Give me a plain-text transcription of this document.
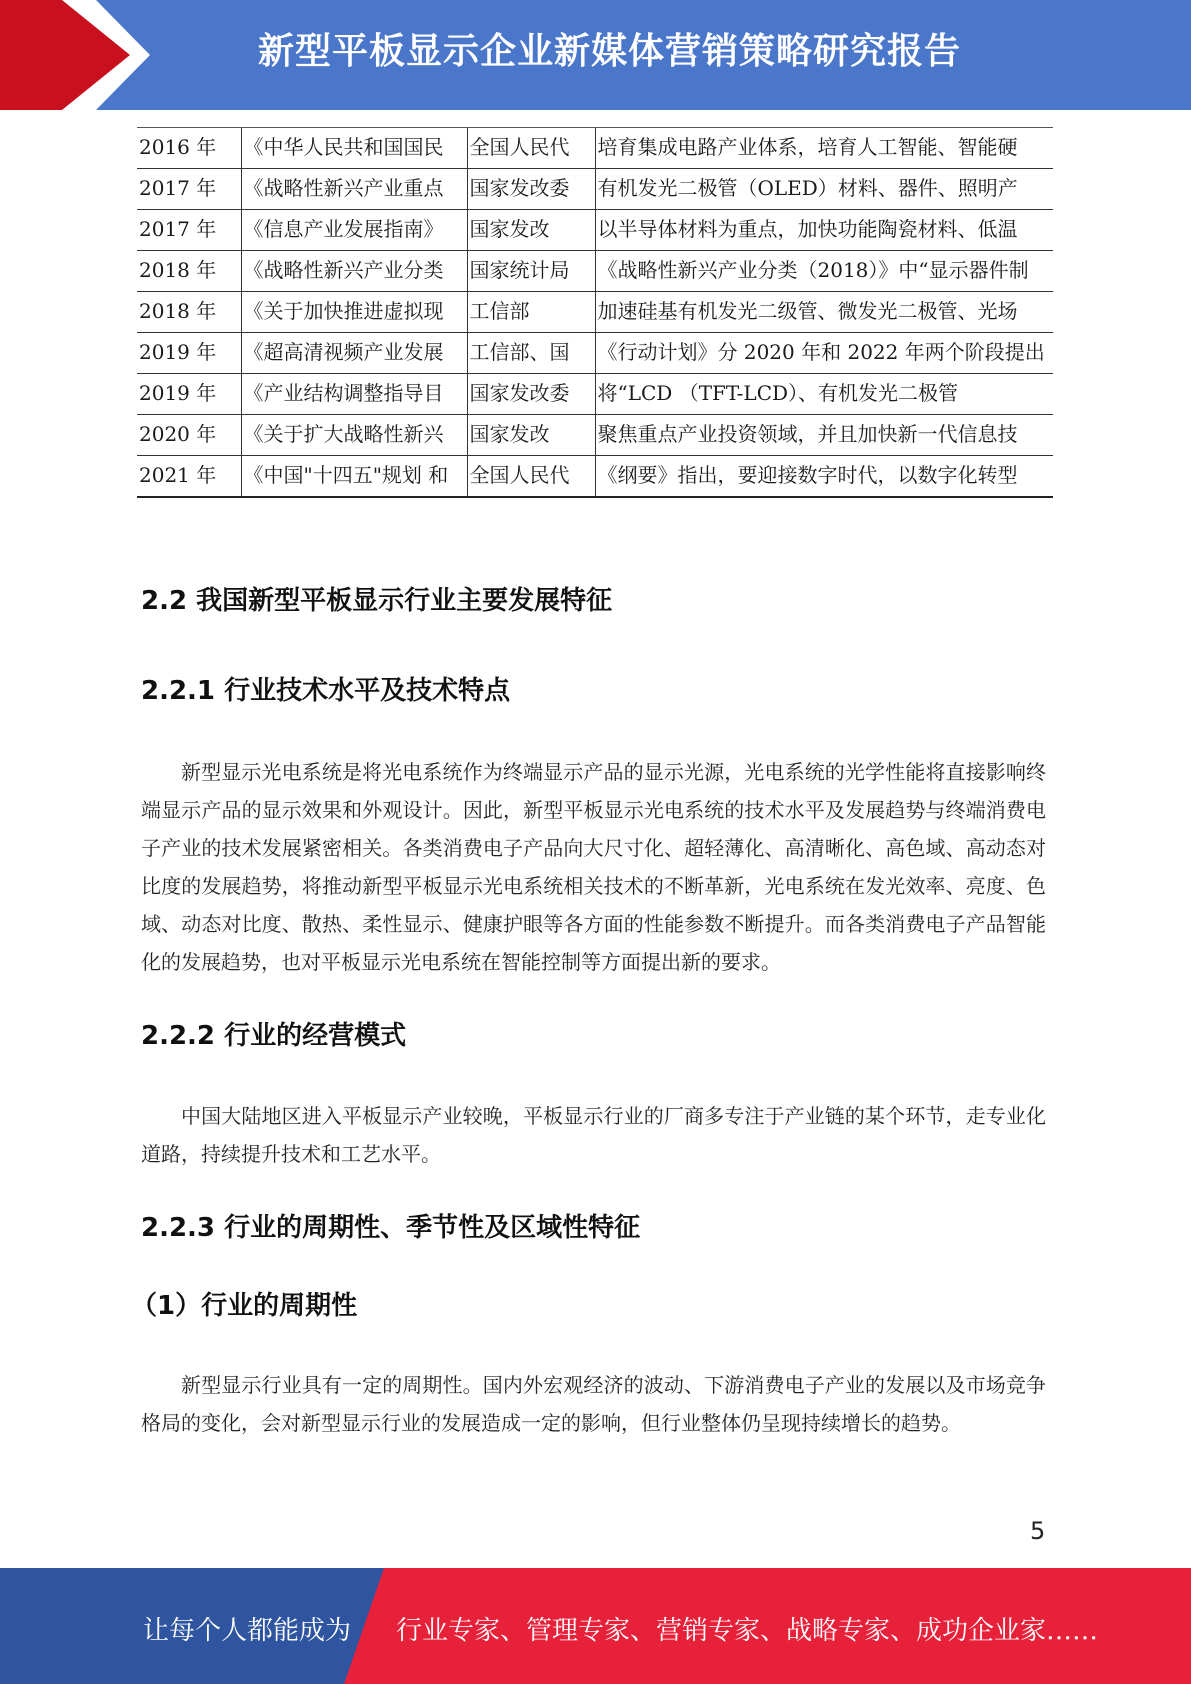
新型平板显示企业新媒体营销策略研究报告
2016 年	《中华人民共和国国民	全国人民代	培育集成电路产业体系，培育人工智能、智能硬

2017 年	《战略性新兴产业重点	国家发改委	有机发光二极管（OLED）材料、器件、照明产

2017 年	《信息产业发展指南》	国家发改	以半导体材料为重点，加快功能陶瓷材料、低温

2018 年	《战略性新兴产业分类	国家统计局	《战略性新兴产业分类（2018）》中“显示器件制

2018 年	《关于加快推进虚拟现	工信部	加速硅基有机发光二级管、微发光二极管、光场

2019 年	《超高清视频产业发展	工信部、国	《行动计划》分 2020 年和 2022 年两个阶段提出

2019 年	《产业结构调整指导目	国家发改委	将“LCD （TFT-LCD）、有机发光二极管

2020 年	《关于扩大战略性新兴	国家发改	聚焦重点产业投资领域，并且加快新一代信息技

2021 年	《中国"十四五"规划 和	全国人民代	《纲要》指出，要迎接数字时代，以数字化转型
2.2 我国新型平板显示行业主要发展特征
2.2.1 行业技术水平及技术特点

新型显示光电系统是将光电系统作为终端显示产品的显示光源，光电系统的光学性能将直接影响终端显示产品的显示效果和外观设计。因此，新型平板显示光电系统的技术水平及发展趋势与终端消费电子产业的技术发展紧密相关。各类消费电子产品向大尺寸化、超轻薄化、高清晰化、高色域、高动态对比度的发展趋势，将推动新型平板显示光电系统相关技术的不断革新，光电系统在发光效率、亮度、色域、动态对比度、散热、柔性显示、健康护眼等各方面的性能参数不断提升。而各类消费电子产品智能化的发展趋势，也对平板显示光电系统在智能控制等方面提出新的要求。

2.2.2 行业的经营模式

中国大陆地区进入平板显示产业较晚，平板显示行业的厂商多专注于产业链的某个环节，走专业化道路，持续提升技术和工艺水平。

2.2.3 行业的周期性、季节性及区域性特征
（1）行业的周期性

新型显示行业具有一定的周期性。国内外宏观经济的波动、下游消费电子产业的发展以及市场竞争格局的变化，会对新型显示行业的发展造成一定的影响，但行业整体仍呈现持续增长的趋势。

5
让每个人都能成为 行业专家、管理专家、营销专家、战略专家、成功企业家……
